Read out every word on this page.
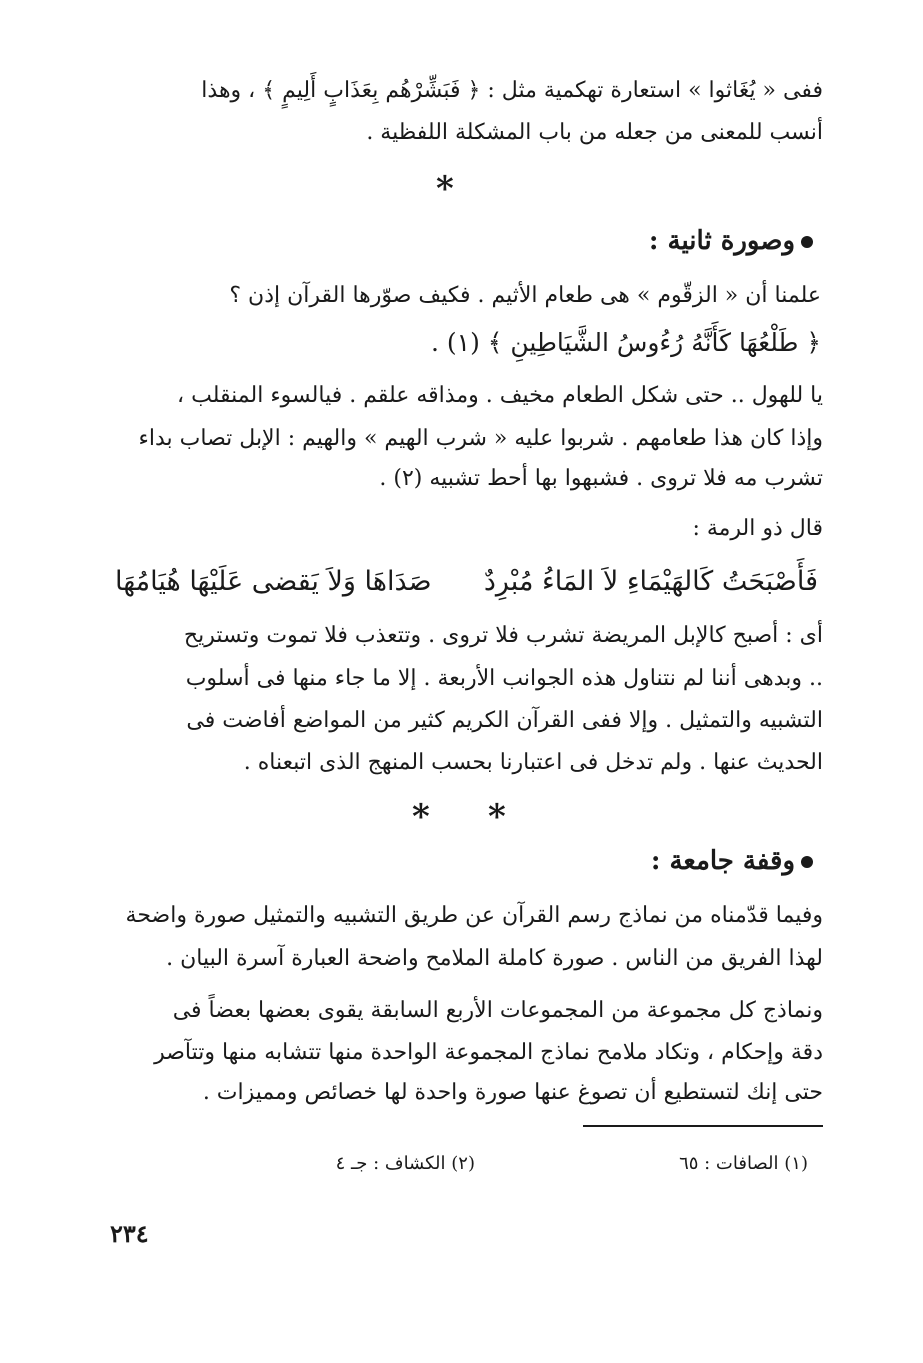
ففى « يُغَاثوا » استعارة تهكمية مثل : ﴿ فَبَشِّرْهُم بِعَذَابٍ أَلِيمٍ ﴾ ، وهذا
أنسب للمعنى من جعله من باب المشكلة اللفظية .
*
وصورة ثانية :
علمنا أن « الزقّوم » هى طعام الأثيم . فكيف صوّرها القرآن إذن ؟
﴿ طَلْعُهَا كَأَنَّهُ رُءُوسُ الشَّيَاطِينِ ﴾ (١) .
يا للهول .. حتى شكل الطعام مخيف . ومذاقه علقم . فيالسوء المنقلب ،
وإذا كان هذا طعامهم . شربوا عليه « شرب الهيم » والهيم : الإبل تصاب بداء
تشرب مه فلا تروى . فشبهوا بها أحط تشبيه (٢) .
قال ذو الرمة :
فَأَصْبَحَتُ كَالهَيْمَاءِ لاَ المَاءُ مُبْرِدٌ
صَدَاهَا وَلاَ يَقضى عَلَيْهَا هُيَامُهَا
أى : أصبح كالإبل المريضة تشرب فلا تروى . وتتعذب فلا تموت وتستريح
.. وبدهى أننا لم نتناول هذه الجوانب الأربعة . إلا ما جاء منها فى أسلوب
التشبيه والتمثيل . وإلا ففى القرآن الكريم كثير من المواضع أفاضت فى
الحديث عنها . ولم تدخل فى اعتبارنا بحسب المنهج الذى اتبعناه .
* *
وقفة جامعة :
وفيما قدّمناه من نماذج رسم القرآن عن طريق التشبيه والتمثيل صورة واضحة
لهذا الفريق من الناس . صورة كاملة الملامح واضحة العبارة آسرة البيان .
ونماذج كل مجموعة من المجموعات الأربع السابقة يقوى بعضها بعضاً فى
دقة وإحكام ، وتكاد ملامح نماذج المجموعة الواحدة منها تتشابه منها وتتآصر
حتى إنك لتستطيع أن تصوغ عنها صورة واحدة لها خصائص ومميزات .
(١) الصافات : ٦٥
(٢) الكشاف : جـ ٤
٢٣٤
